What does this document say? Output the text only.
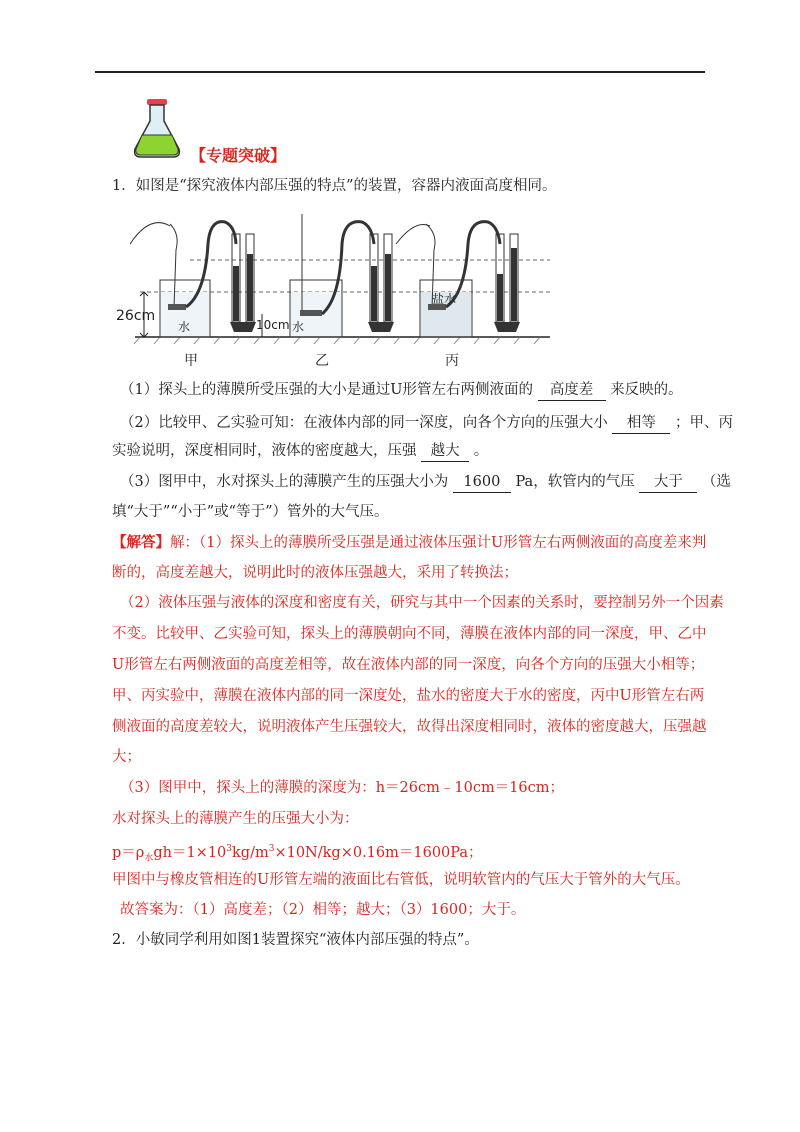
【专题突破】
1．如图是“探究液体内部压强的特点”的装置，容器内液面高度相同。
26cm
10cm
水	水
盐水
甲	乙	丙
（1）探头上的薄膜所受压强的大小是通过U形管左右两侧液面的 高度差 来反映的。
（2）比较甲、乙实验可知：在液体内部的同一深度，向各个方向的压强大小 相等 ；甲、丙
实验说明，深度相同时，液体的密度越大，压强 越大 。
（3）图甲中，水对探头上的薄膜产生的压强大小为 1600 Pa，软管内的气压 大于 （选
填“大于”“小于”或“等于”）管外的大气压。
【解答】解：（1）探头上的薄膜所受压强是通过液体压强计U形管左右两侧液面的高度差来判
断的，高度差越大，说明此时的液体压强越大，采用了转换法；
（2）液体压强与液体的深度和密度有关，研究与其中一个因素的关系时，要控制另外一个因素
不变。比较甲、乙实验可知，探头上的薄膜朝向不同，薄膜在液体内部的同一深度，甲、乙中
U形管左右两侧液面的高度差相等，故在液体内部的同一深度，向各个方向的压强大小相等；
甲、丙实验中，薄膜在液体内部的同一深度处，盐水的密度大于水的密度，丙中U形管左右两
侧液面的高度差较大，说明液体产生压强较大，故得出深度相同时，液体的密度越大，压强越
大；
（3）图甲中，探头上的薄膜的深度为：h＝26cm﹣10cm＝16cm；
水对探头上的薄膜产生的压强大小为：
$p=\rho_水gh=1\times 10^3kg/m^3\times 10N/kg\times 0.16m=1600Pa$；
甲图中与橡皮管相连的U形管左端的液面比右管低，说明软管内的气压大于管外的大气压。
故答案为：（1）高度差；（2）相等；越大；（3）1600；大于。
2．小敏同学利用如图1装置探究“液体内部压强的特点”。
